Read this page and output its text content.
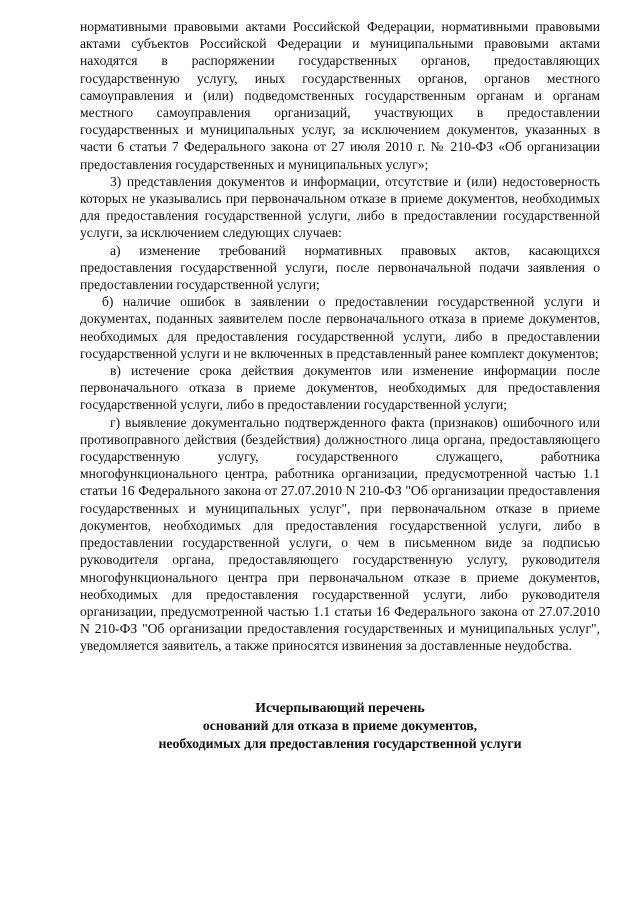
нормативными правовыми актами Российской Федерации, нормативными правовыми актами субъектов Российской Федерации и муниципальными правовыми актами находятся в распоряжении государственных органов, предоставляющих государственную услугу, иных государственных органов, органов местного самоуправления и (или) подведомственных государственным органам и органам местного самоуправления организаций, участвующих в предоставлении государственных и муниципальных услуг, за исключением документов, указанных в части 6 статьи 7 Федерального закона от 27 июля 2010 г. № 210-ФЗ «Об организации предоставления государственных и муниципальных услуг»;

3) представления документов и информации, отсутствие и (или) недостоверность которых не указывались при первоначальном отказе в приеме документов, необходимых для предоставления государственной услуги, либо в предоставлении государственной услуги, за исключением следующих случаев:

а) изменение требований нормативных правовых актов, касающихся предоставления государственной услуги, после первоначальной подачи заявления о предоставлении государственной услуги;

б) наличие ошибок в заявлении о предоставлении государственной услуги и документах, поданных заявителем после первоначального отказа в приеме документов, необходимых для предоставления государственной услуги, либо в предоставлении государственной услуги и не включенных в представленный ранее комплект документов;

в) истечение срока действия документов или изменение информации после первоначального отказа в приеме документов, необходимых для предоставления государственной услуги, либо в предоставлении государственной услуги;

г) выявление документально подтвержденного факта (признаков) ошибочного или противоправного действия (бездействия) должностного лица органа, предоставляющего государственную услугу, государственного служащего, работника многофункционального центра, работника организации, предусмотренной частью 1.1 статьи 16 Федерального закона от 27.07.2010 N 210-ФЗ "Об организации предоставления государственных и муниципальных услуг", при первоначальном отказе в приеме документов, необходимых для предоставления государственной услуги, либо в предоставлении государственной услуги, о чем в письменном виде за подписью руководителя органа, предоставляющего государственную услугу, руководителя многофункционального центра при первоначальном отказе в приеме документов, необходимых для предоставления государственной услуги, либо руководителя организации, предусмотренной частью 1.1 статьи 16 Федерального закона от 27.07.2010 N 210-ФЗ "Об организации предоставления государственных и муниципальных услуг", уведомляется заявитель, а также приносятся извинения за доставленные неудобства.

Исчерпывающий перечень
оснований для отказа в приеме документов,
необходимых для предоставления государственной услуги
